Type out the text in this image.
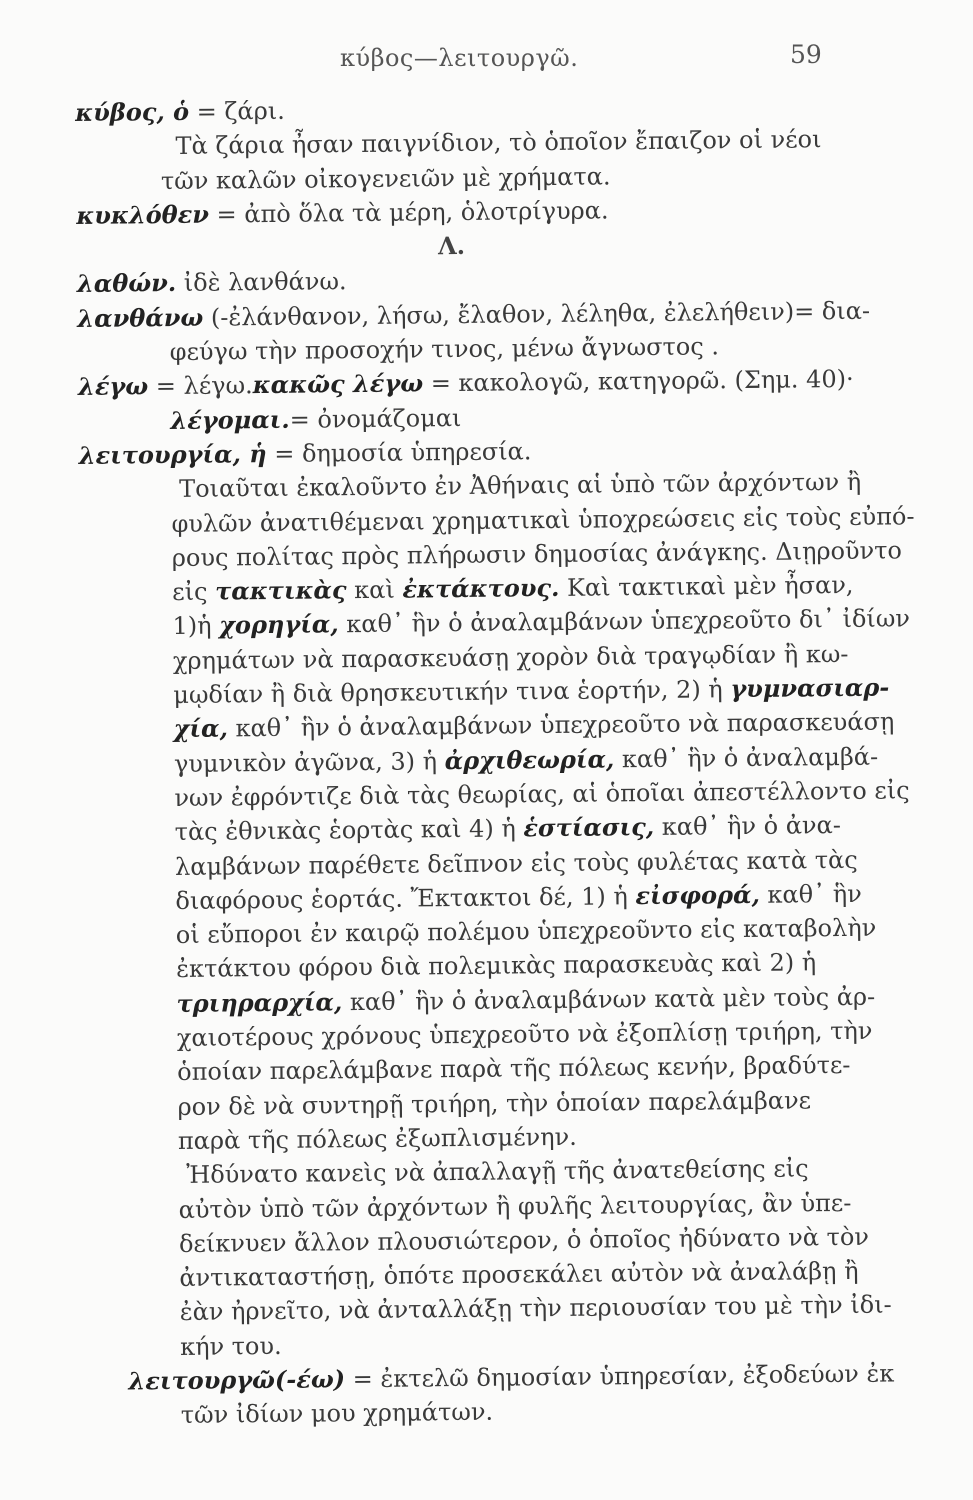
κύβος—λειτουργῶ.	59
κύβος, ὁ = ζάρι.
Τὰ ζάρια ἦσαν παιγνίδιον, τὸ ὁποῖον ἔπαιζον οἱ νέοι
τῶν καλῶν οἰκογενειῶν μὲ χρήματα.
κυκλόθεν = ἀπὸ ὅλα τὰ μέρη, ὁλοτρίγυρα.
Λ.
λαθών. ἰδὲ λανθάνω.
λανθάνω (-ἐλάνθανον, λήσω, ἔλαθον, λέληθα, ἐλελήθειν)= δια-
φεύγω τὴν προσοχήν τινος, μένω ἄγνωστος .
λέγω = λέγω.κακῶς λέγω = κακολογῶ, κατηγορῶ. (Σημ. 40)·
λέγομαι.= ὀνομάζομαι
λειτουργία, ἡ = δημοσία ὑπηρεσία.
Τοιαῦται ἐκαλοῦντο ἐν Ἀθήναις αἱ ὑπὸ τῶν ἀρχόντων ἢ
φυλῶν ἀνατιθέμεναι χρηματικαὶ ὑποχρεώσεις εἰς τοὺς εὐπό-
ρους πολίτας πρὸς πλήρωσιν δημοσίας ἀνάγκης. Διῃροῦντο
εἰς τακτικὰς καὶ ἐκτάκτους. Καὶ τακτικαὶ μὲν ἦσαν,
1)ἡ χορηγία, καθ᾽ ἣν ὁ ἀναλαμβάνων ὑπεχρεοῦτο δι᾽ ἰδίων
χρημάτων νὰ παρασκευάσῃ χορὸν διὰ τραγῳδίαν ἢ κω-
μῳδίαν ἢ διὰ θρησκευτικήν τινα ἑορτήν, 2) ἡ γυμνασιαρ-
χία, καθ᾽ ἣν ὁ ἀναλαμβάνων ὑπεχρεοῦτο νὰ παρασκευάσῃ
γυμνικὸν ἀγῶνα, 3) ἡ ἀρχιθεωρία, καθ᾽ ἣν ὁ ἀναλαμβά-
νων ἐφρόντιζε διὰ τὰς θεωρίας, αἱ ὁποῖαι ἀπεστέλλοντο εἰς
τὰς ἐθνικὰς ἑορτὰς καὶ 4) ἡ ἑστίασις, καθ᾽ ἣν ὁ ἀνα-
λαμβάνων παρέθετε δεῖπνον εἰς τοὺς φυλέτας κατὰ τὰς
διαφόρους ἑορτάς. Ἔκτακτοι δέ, 1) ἡ εἰσφορά, καθ᾽ ἣν
οἱ εὔποροι ἐν καιρῷ πολέμου ὑπεχρεοῦντο εἰς καταβολὴν
ἐκτάκτου φόρου διὰ πολεμικὰς παρασκευὰς καὶ 2) ἡ
τριηραρχία, καθ᾽ ἣν ὁ ἀναλαμβάνων κατὰ μὲν τοὺς ἀρ-
χαιοτέρους χρόνους ὑπεχρεοῦτο νὰ ἐξοπλίσῃ τριήρη, τὴν
ὁποίαν παρελάμβανε παρὰ τῆς πόλεως κενήν, βραδύτε-
ρον δὲ νὰ συντηρῇ τριήρη, τὴν ὁποίαν παρελάμβανε
παρὰ τῆς πόλεως ἐξωπλισμένην.
Ἠδύνατο κανεὶς νὰ ἀπαλλαγῇ τῆς ἀνατεθείσης εἰς
αὐτὸν ὑπὸ τῶν ἀρχόντων ἢ φυλῆς λειτουργίας, ἂν ὑπε-
δείκνυεν ἄλλον πλουσιώτερον, ὁ ὁποῖος ἠδύνατο νὰ τὸν
ἀντικαταστήσῃ, ὁπότε προσεκάλει αὐτὸν νὰ ἀναλάβῃ ἢ
ἐὰν ἠρνεῖτο, νὰ ἀνταλλάξῃ τὴν περιουσίαν του μὲ τὴν ἰδι-
κήν του.
λειτουργῶ(-έω) = ἐκτελῶ δημοσίαν ὑπηρεσίαν, ἐξοδεύων ἐκ
τῶν ἰδίων μου χρημάτων.
